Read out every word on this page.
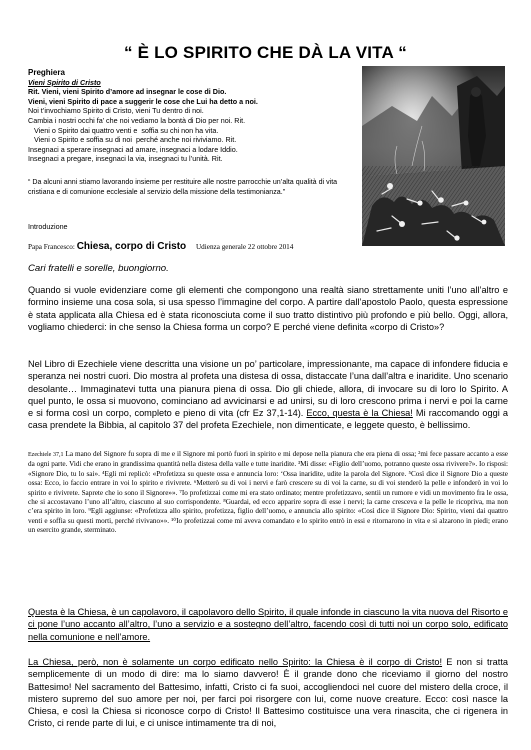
“ È LO SPIRITO CHE DÀ LA VITA “
Preghiera
Vieni Spirito di Cristo
Rit. Vieni, vieni Spirito d’amore ad insegnar le cose di Dio.
Vieni, vieni Spirito di pace a suggerir le cose che Lui ha detto a noi.
Noi t’invochiamo Spirito di Cristo, vieni Tu dentro di noi.
Cambia i nostri occhi fa’ che noi vediamo la bontà di Dio per noi. Rit.
Vieni o Spirito dai quattro venti e  soffia su chi non ha vita.
Vieni o Spirito e soffia su di noi  perché anche noi riviviamo. Rit.
Insegnaci a sperare insegnaci ad amare, insegnaci a lodare Iddio.
Insegnaci a pregare, insegnaci la via, insegnaci tu l’unità. Rit.
“ Da alcuni anni stiamo lavorando insieme per restituire alle nostre parrocchie un’alta qualità di vita cristiana e di comunione ecclesiale al servizio della missione della testimonianza.”
Introduzione
Papa Francesco: Chiesa, corpo di Cristo Udienza generale 22 ottobre 2014
Cari fratelli e sorelle, buongiorno.
Quando si vuole evidenziare come gli elementi che compongono una realtà siano strettamente uniti l’uno all’altro e formino insieme una cosa sola, si usa spesso l’immagine del corpo. A partire dall’apostolo Paolo, questa espressione è stata applicata alla Chiesa ed è stata riconosciuta come il suo tratto distintivo più profondo e più bello. Oggi, allora, vogliamo chiederci: in che senso la Chiesa forma un corpo? E perché viene definita «corpo di Cristo»?
Nel Libro di Ezechiele viene descritta una visione un po’ particolare, impressionante, ma capace di infondere fiducia e speranza nei nostri cuori. Dio mostra al profeta una distesa di ossa, distaccate l’una dall’altra e inaridite. Uno scenario desolante… Immaginatevi tutta una pianura piena di ossa. Dio gli chiede, allora, di invocare su di loro lo Spirito. A quel punto, le ossa si muovono, cominciano ad avvicinarsi e ad unirsi, su di loro crescono prima i nervi e poi la carne e si forma così un corpo, completo e pieno di vita (cfr Ez 37,1-14). Ecco, questa è la Chiesa! Mi raccomando oggi a casa prendete la Bibbia, al capitolo 37 del profeta Ezechiele, non dimenticate, e leggete questo, è bellissimo.
Ezechiele 37,1 La mano del Signore fu sopra di me e il Signore mi portò fuori in spirito e mi depose nella pianura che era piena di ossa; ²mi fece passare accanto a esse da ogni parte. Vidi che erano in grandissima quantità nella distesa della valle e tutte inaridite. ³Mi disse: «Figlio dell’uomo, potranno queste ossa rivivere?». Io risposi: «Signore Dio, tu lo sai». ⁴Egli mi replicò: «Profetizza su queste ossa e annuncia loro: ‘Ossa inaridite, udite la parola del Signore. ⁵Così dice il Signore Dio a queste ossa: Ecco, io faccio entrare in voi lo spirito e rivivrete. ⁶Metterò su di voi i nervi e farò crescere su di voi la carne, su di voi stenderò la pelle e infonderò in voi lo spirito e rivivrete. Saprete che io sono il Signore»». ⁷Io profetizzai come mi era stato ordinato; mentre profetizzavo, sentii un rumore e vidi un movimento fra le ossa, che si accostavano l’uno all’altro, ciascuno al suo corrispondente. ⁸Guardai, ed ecco apparire sopra di esse i nervi; la carne cresceva e la pelle le ricopriva, ma non c’era spirito in loro. ⁹Egli aggiunse: «Profetizza allo spirito, profetizza, figlio dell’uomo, e annuncia allo spirito: «Così dice il Signore Dio: Spirito, vieni dai quattro venti e soffia su questi morti, perché rivivano»». ¹⁰Io profetizzai come mi aveva comandato e lo spirito entrò in essi e ritornarono in vita e si alzarono in piedi; erano un esercito grande, sterminato.
Questa è la Chiesa, è un capolavoro, il capolavoro dello Spirito, il quale infonde in ciascuno la vita nuova del Risorto e ci pone l’uno accanto all’altro, l’uno a servizio e a sostegno dell’altro, facendo così di tutti noi un corpo solo, edificato nella comunione e nell’amore.
La Chiesa, però, non è solamente un corpo edificato nello Spirito: la Chiesa è il corpo di Cristo! E non si tratta semplicemente di un modo di dire: ma lo siamo davvero! È il grande dono che riceviamo il giorno del nostro Battesimo! Nel sacramento del Battesimo, infatti, Cristo ci fa suoi, accogliendoci nel cuore del mistero della croce, il mistero supremo del suo amore per noi, per farci poi risorgere con lui, come nuove creature. Ecco: così nasce la Chiesa, e così la Chiesa si riconosce corpo di Cristo! Il Battesimo costituisce una vera rinascita, che ci rigenera in Cristo, ci rende parte di lui, e ci unisce intimamente tra di noi,
